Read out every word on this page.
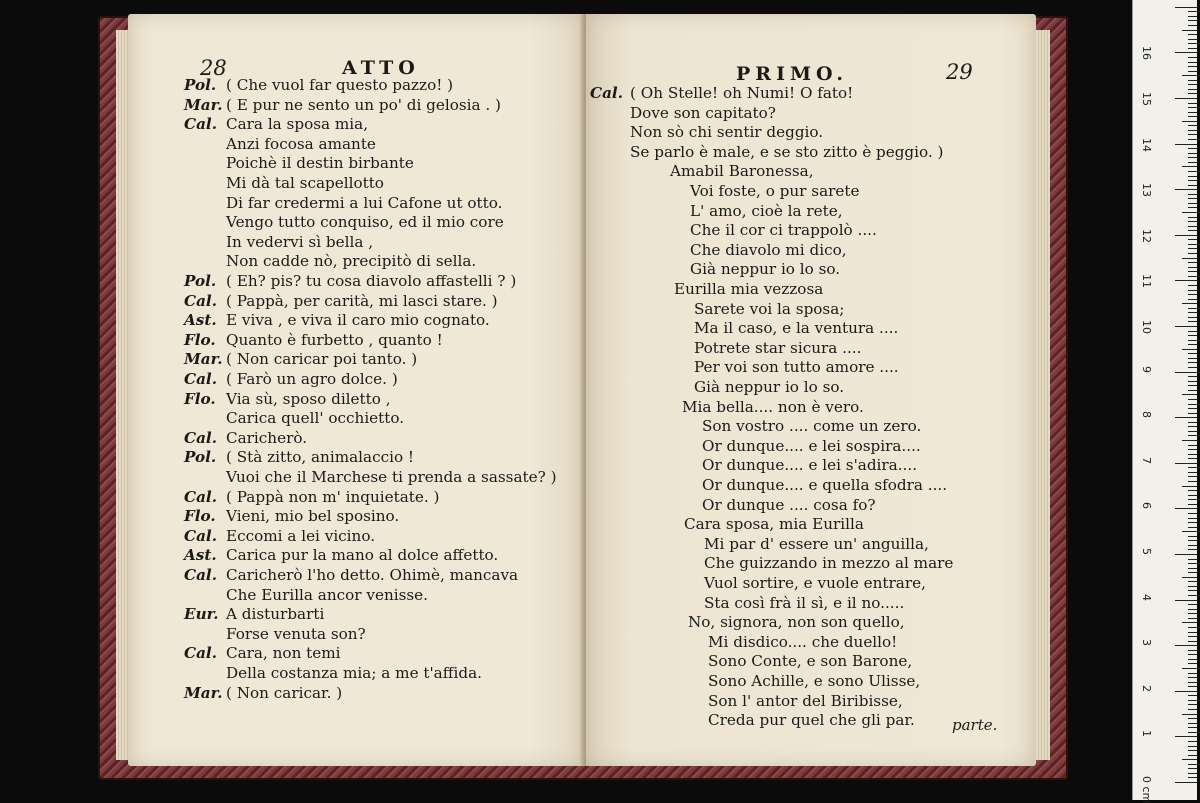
28	ATTO
Pol. ( Che vuol far questo pazzo! )
Mar. ( E pur ne sento un po' di gelosia . )
Cal. Cara la sposa mia,
Anzi focosa amante
Poichè il destin birbante
Mi dà tal scapellotto
Di far credermi a lui Cafone ut otto.
Vengo tutto conquiso, ed il mio core
In vedervi sì bella ,
Non cadde nò, precipitò di sella.
Pol. ( Eh? pis? tu cosa diavolo affastelli ? )
Cal. ( Pappà, per carità, mi lasci stare. )
Ast. E viva , e viva il caro mio cognato.
Flo. Quanto è furbetto , quanto !
Mar. ( Non caricar poi tanto. )
Cal. ( Farò un agro dolce. )
Flo. Via sù, sposo diletto ,
Carica quell' occhietto.
Cal. Caricherò.
Pol. ( Stà zitto, animalaccio !
Vuoi che il Marchese ti prenda a sassate? )
Cal. ( Pappà non m' inquietate. )
Flo. Vieni, mio bel sposino.
Cal. Eccomi a lei vicino.
Ast. Carica pur la mano al dolce affetto.
Cal. Caricherò l'ho detto. Ohimè, mancava
Che Eurilla ancor venisse.
Eur. A disturbarti
Forse venuta son?
Cal. Cara, non temi
Della costanza mia; a me t'affida.
Mar. ( Non caricar. )
PRIMO.	29
Cal. ( Oh Stelle! oh Numi! O fato!
Dove son capitato?
Non sò chi sentir deggio.
Se parlo è male, e se sto zitto è peggio. )
Amabil Baronessa,
Voi foste, o pur sarete
L' amo, cioè la rete,
Che il cor ci trappolò ....
Che diavolo mi dico,
Già neppur io lo so.
Eurilla mia vezzosa
Sarete voi la sposa;
Ma il caso, e la ventura ....
Potrete star sicura ....
Per voi son tutto amore ....
Già neppur io lo so.
Mia bella.... non è vero.
Son vostro .... come un zero.
Or dunque.... e lei sospira....
Or dunque.... e lei s'adira....
Or dunque.... e quella sfodra ....
Or dunque .... cosa fo?
Cara sposa, mia Eurilla
Mi par d' essere un' anguilla,
Che guizzando in mezzo al mare
Vuol sortire, e vuole entrare,
Sta così frà il sì, e il no.....
No, signora, non son quello,
Mi disdico.... che duello!
Sono Conte, e son Barone,
Sono Achille, e sono Ulisse,
Son l' antor del Biribisse,
Creda pur quel che gli par. parte.
0 cm
1
2
3
4
5
6
7
8
9
10
11
12
13
14
15
16
